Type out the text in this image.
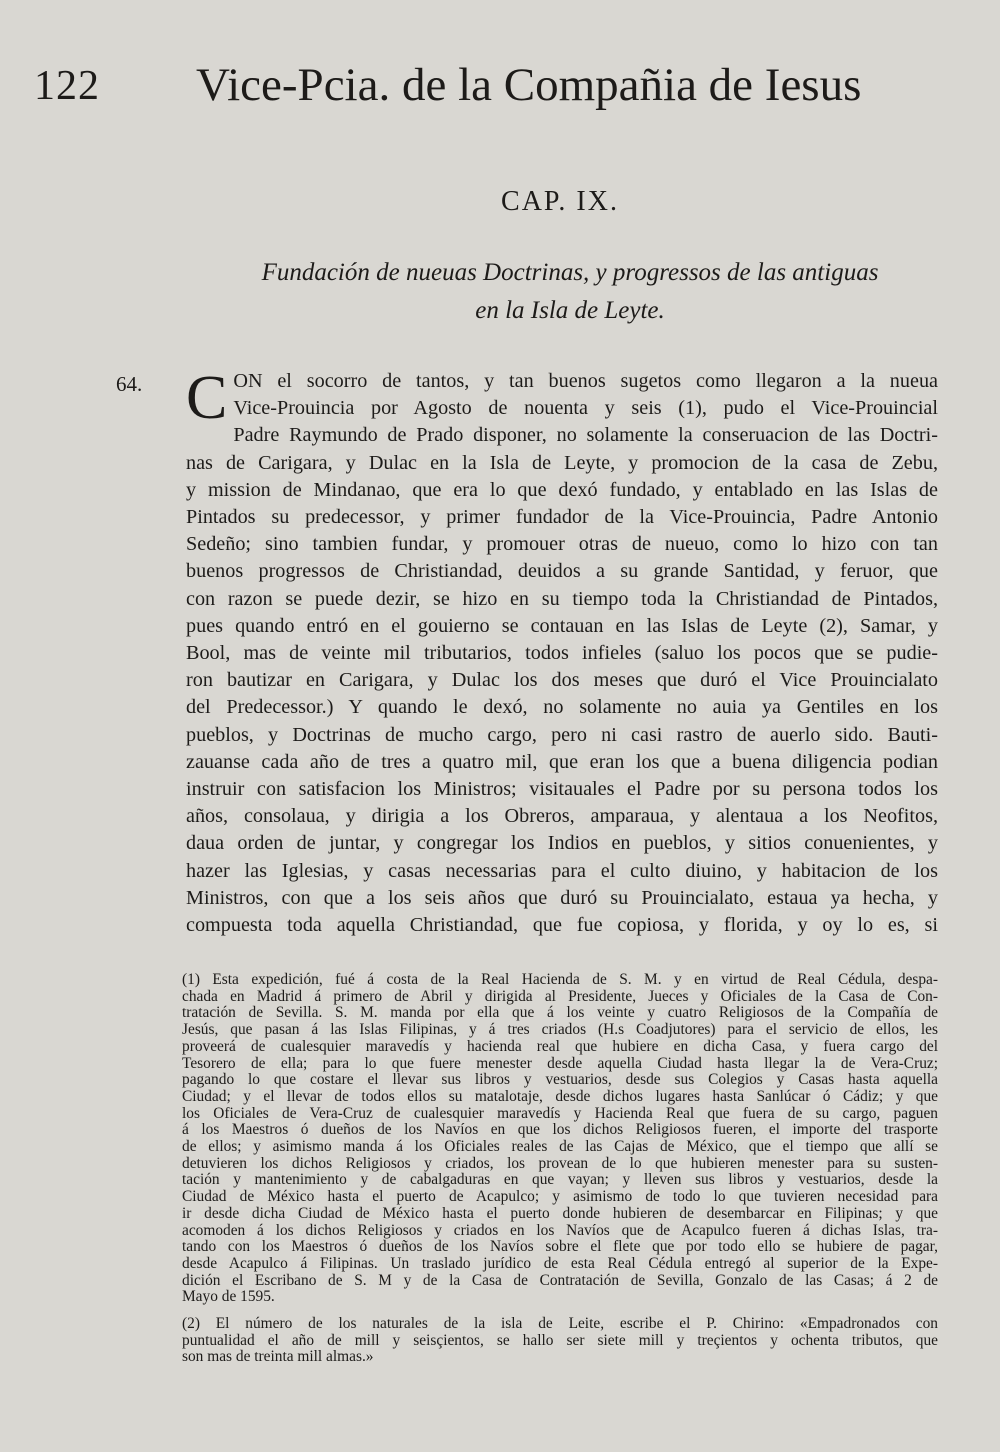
122 Vice-Pcia. de la Compañia de Iesus
CAP. IX.
Fundación de nueuas Doctrinas, y progressos de las antiguas
en la Isla de Leyte.
64. C ON el socorro de tantos, y tan buenos sugetos como llegaron a la nueua
Vice-Prouincia por Agosto de nouenta y seis (1), pudo el Vice-Prouincial
Padre Raymundo de Prado disponer, no solamente la conseruacion de las Doctri-
nas de Carigara, y Dulac en la Isla de Leyte, y promocion de la casa de Zebu,
y mission de Mindanao, que era lo que dexó fundado, y entablado en las Islas de
Pintados su predecessor, y primer fundador de la Vice-Prouincia, Padre Antonio
Sedeño; sino tambien fundar, y promouer otras de nueuo, como lo hizo con tan
buenos progressos de Christiandad, deuidos a su grande Santidad, y feruor, que
con razon se puede dezir, se hizo en su tiempo toda la Christiandad de Pintados,
pues quando entró en el gouierno se contauan en las Islas de Leyte (2), Samar, y
Bool, mas de veinte mil tributarios, todos infieles (saluo los pocos que se pudie-
ron bautizar en Carigara, y Dulac los dos meses que duró el Vice Prouincialato
del Predecessor.) Y quando le dexó, no solamente no auia ya Gentiles en los
pueblos, y Doctrinas de mucho cargo, pero ni casi rastro de auerlo sido. Bauti-
zauanse cada año de tres a quatro mil, que eran los que a buena diligencia podian
instruir con satisfacion los Ministros; visitauales el Padre por su persona todos los
años, consolaua, y dirigia a los Obreros, amparaua, y alentaua a los Neofitos,
daua orden de juntar, y congregar los Indios en pueblos, y sitios conuenientes, y
hazer las Iglesias, y casas necessarias para el culto diuino, y habitacion de los
Ministros, con que a los seis años que duró su Prouincialato, estaua ya hecha, y
compuesta toda aquella Christiandad, que fue copiosa, y florida, y oy lo es, si
(1) Esta expedición, fué á costa de la Real Hacienda de S. M. y en virtud de Real Cédula, despa-
chada en Madrid á primero de Abril y dirigida al Presidente, Jueces y Oficiales de la Casa de Con-
tratación de Sevilla. S. M. manda por ella que á los veinte y cuatro Religiosos de la Compañía de
Jesús, que pasan á las Islas Filipinas, y á tres criados (H.s Coadjutores) para el servicio de ellos, les
proveerá de cualesquier maravedís y hacienda real que hubiere en dicha Casa, y fuera cargo del
Tesorero de ella; para lo que fuere menester desde aquella Ciudad hasta llegar la de Vera-Cruz;
pagando lo que costare el llevar sus libros y vestuarios, desde sus Colegios y Casas hasta aquella
Ciudad; y el llevar de todos ellos su matalotaje, desde dichos lugares hasta Sanlúcar ó Cádiz; y que
los Oficiales de Vera-Cruz de cualesquier maravedís y Hacienda Real que fuera de su cargo, paguen
á los Maestros ó dueños de los Navíos en que los dichos Religiosos fueren, el importe del trasporte
de ellos; y asimismo manda á los Oficiales reales de las Cajas de México, que el tiempo que allí se
detuvieren los dichos Religiosos y criados, los provean de lo que hubieren menester para su susten-
tación y mantenimiento y de cabalgaduras en que vayan; y lleven sus libros y vestuarios, desde la
Ciudad de México hasta el puerto de Acapulco; y asimismo de todo lo que tuvieren necesidad para
ir desde dicha Ciudad de México hasta el puerto donde hubieren de desembarcar en Filipinas; y que
acomoden á los dichos Religiosos y criados en los Navíos que de Acapulco fueren á dichas Islas, tra-
tando con los Maestros ó dueños de los Navíos sobre el flete que por todo ello se hubiere de pagar,
desde Acapulco á Filipinas. Un traslado jurídico de esta Real Cédula entregó al superior de la Expe-
dición el Escribano de S. M y de la Casa de Contratación de Sevilla, Gonzalo de las Casas; á 2 de
Mayo de 1595.
(2) El número de los naturales de la isla de Leite, escribe el P. Chirino: «Empadronados con
puntualidad el año de mill y seisçientos, se hallo ser siete mill y treçientos y ochenta tributos, que
son mas de treinta mill almas.»
